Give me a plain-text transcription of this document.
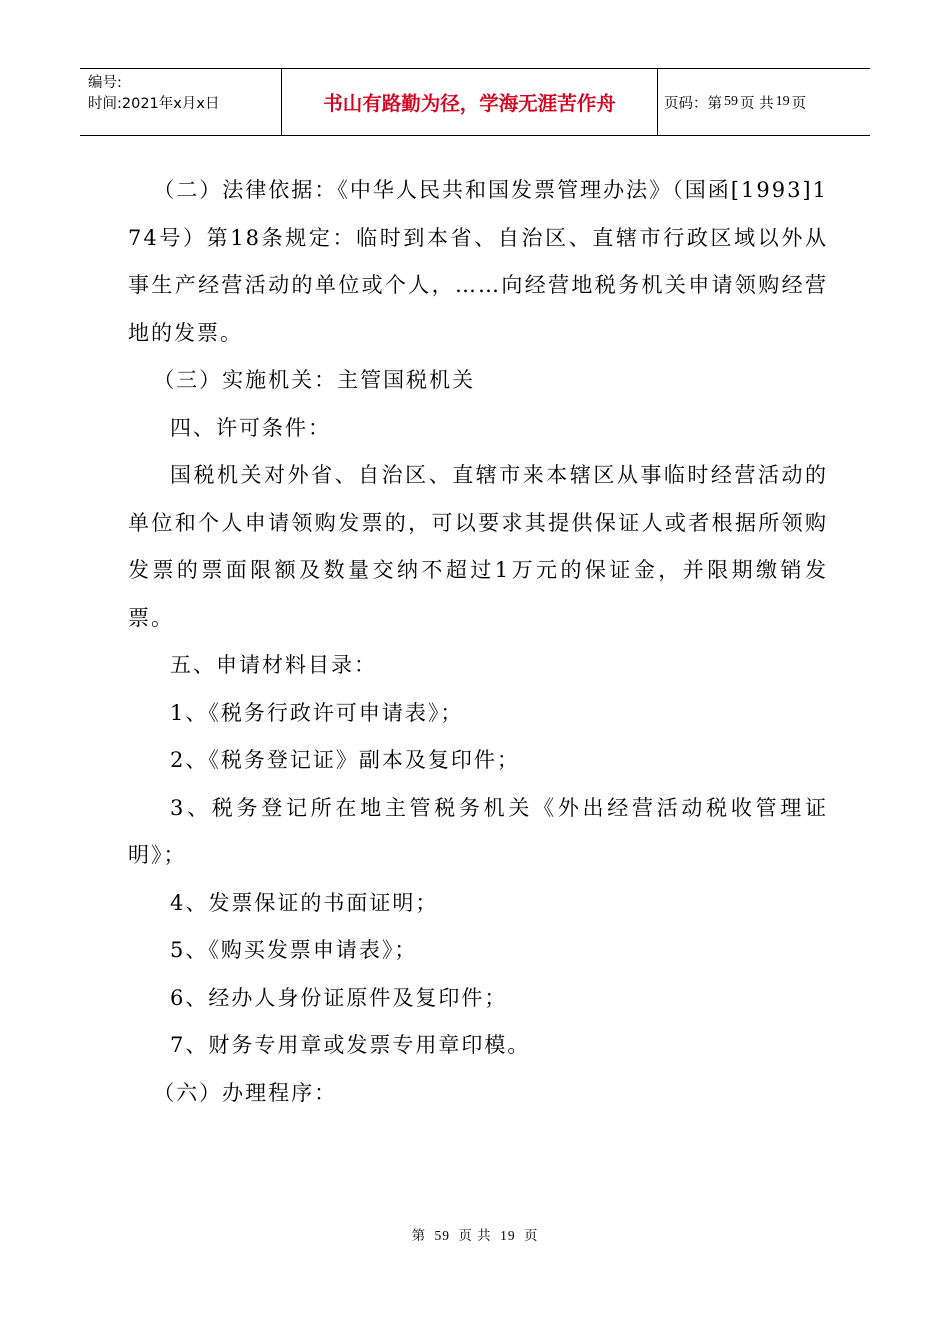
编号:
时间:2021年x月x日	书山有路勤为径，学海无涯苦作舟	页码：第 59 页 共 19 页

（二）法律依据：《中华人民共和国发票管理办法》（国函[1993]174号）第18条规定：临时到本省、自治区、直辖市行政区域以外从事生产经营活动的单位或个人，……向经营地税务机关申请领购经营地的发票。

（三）实施机关：主管国税机关

四、许可条件：

国税机关对外省、自治区、直辖市来本辖区从事临时经营活动的单位和个人申请领购发票的，可以要求其提供保证人或者根据所领购发票的票面限额及数量交纳不超过1万元的保证金，并限期缴销发票。

五、申请材料目录：

1、《税务行政许可申请表》；

2、《税务登记证》副本及复印件；

3、税务登记所在地主管税务机关《外出经营活动税收管理证明》；

4、发票保证的书面证明；

5、《购买发票申请表》；

6、经办人身份证原件及复印件；

7、财务专用章或发票专用章印模。

（六）办理程序：

第 59 页 共 19 页
